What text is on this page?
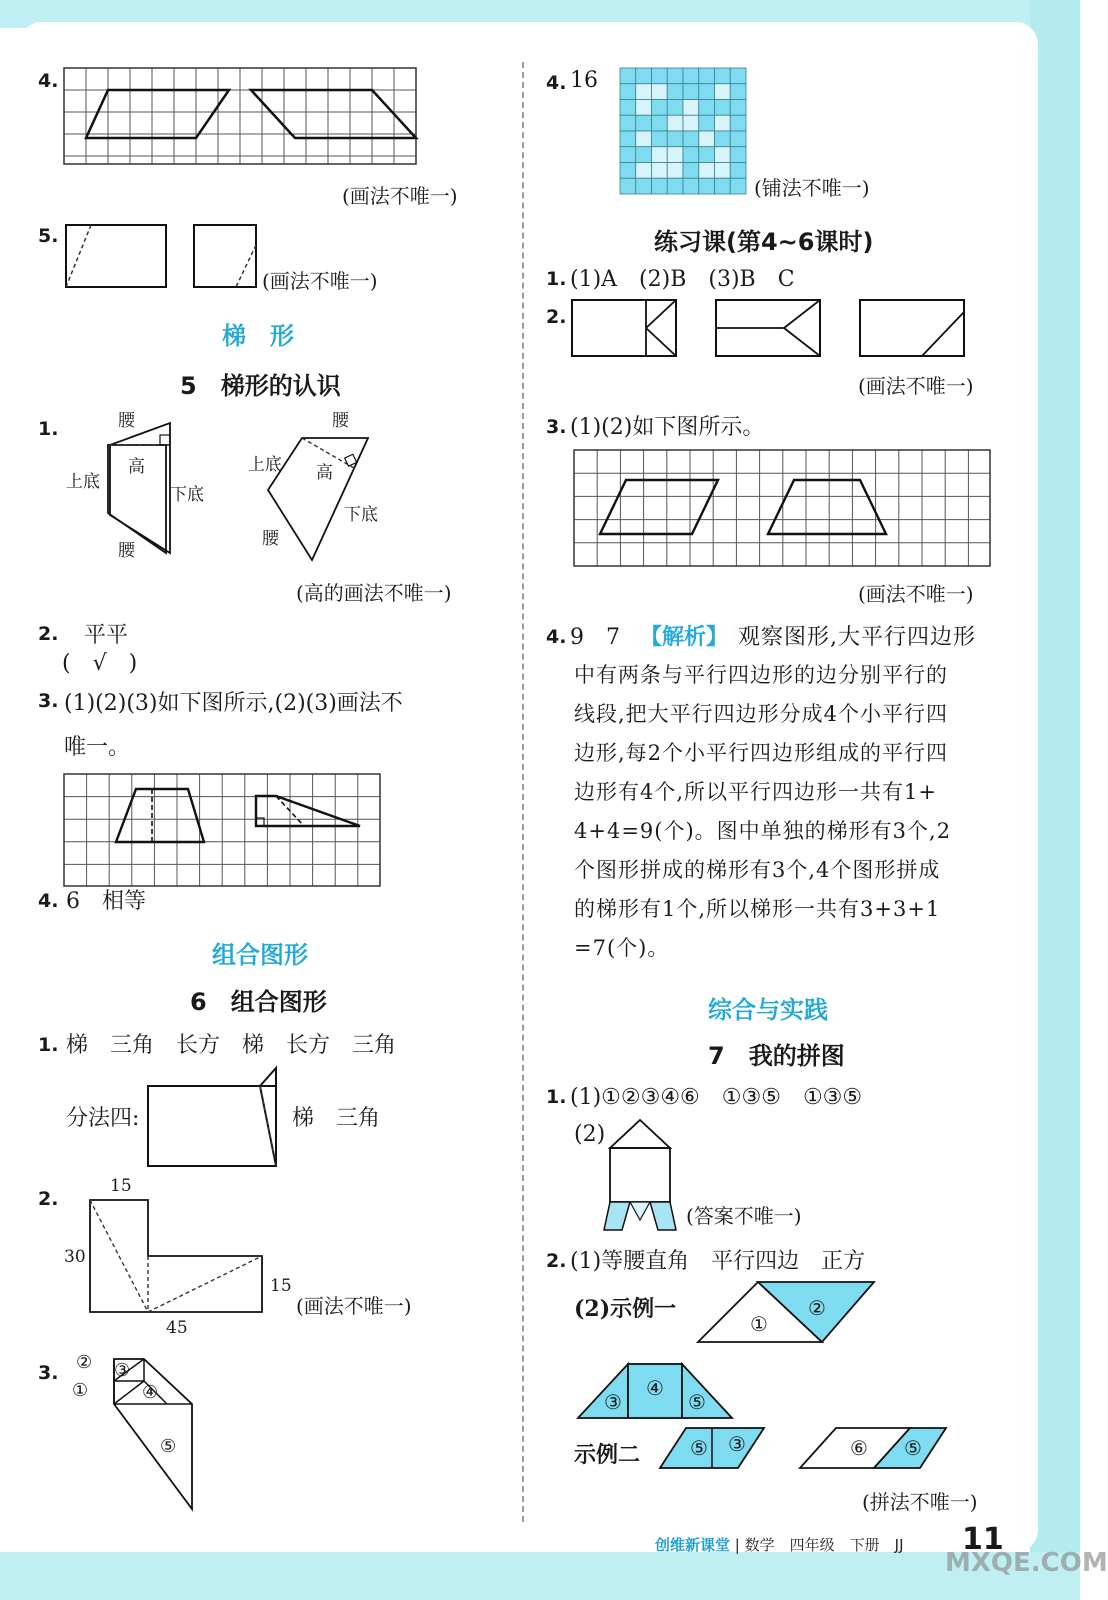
4.
(画法不唯一)
5.
(画法不唯一)
梯　形
5　梯形的认识
1.	腰
上底
高
下底
腰
腰
上底 高
下底
腰
(高的画法不唯一)
2. 平平
(　√　)
3. (1)(2)(3)如下图所示,(2)(3)画法不
唯一。
4. 6　相等
组合图形
6　组合图形
1. 梯　三角　长方　梯　长方　三角
分法四:	梯　三角
2.
15
30
15
45
(画法不唯一)
3.
①
② ③
④
⑤
4. 16
(铺法不唯一)
练习课(第4~6课时)
1. (1)A　(2)B　(3)B　C
2.
(画法不唯一)
3. (1)(2)如下图所示。
(画法不唯一)
4. 9　7 【解析】 观察图形,大平行四边形
中有两条与平行四边形的边分别平行的
线段,把大平行四边形分成4个小平行四
边形,每2个小平行四边形组成的平行四
边形有4个,所以平行四边形一共有1+
4+4=9(个)。图中单独的梯形有3个,2
个图形拼成的梯形有3个,4个图形拼成
的梯形有1个,所以梯形一共有3+3+1
=7(个)。
综合与实践
7　我的拼图
1. (1)①②③④⑥　①③⑤　①③⑤
(2)
(答案不唯一)
2. (1)等腰直角　平行四边　正方
(2)示例一
①
②
③
④
⑤
示例二 ⑤ ③	⑥ ⑤
(拼法不唯一)
创维新课堂 | 数学　四年级　下册　JJ 11
MXQE.COM
